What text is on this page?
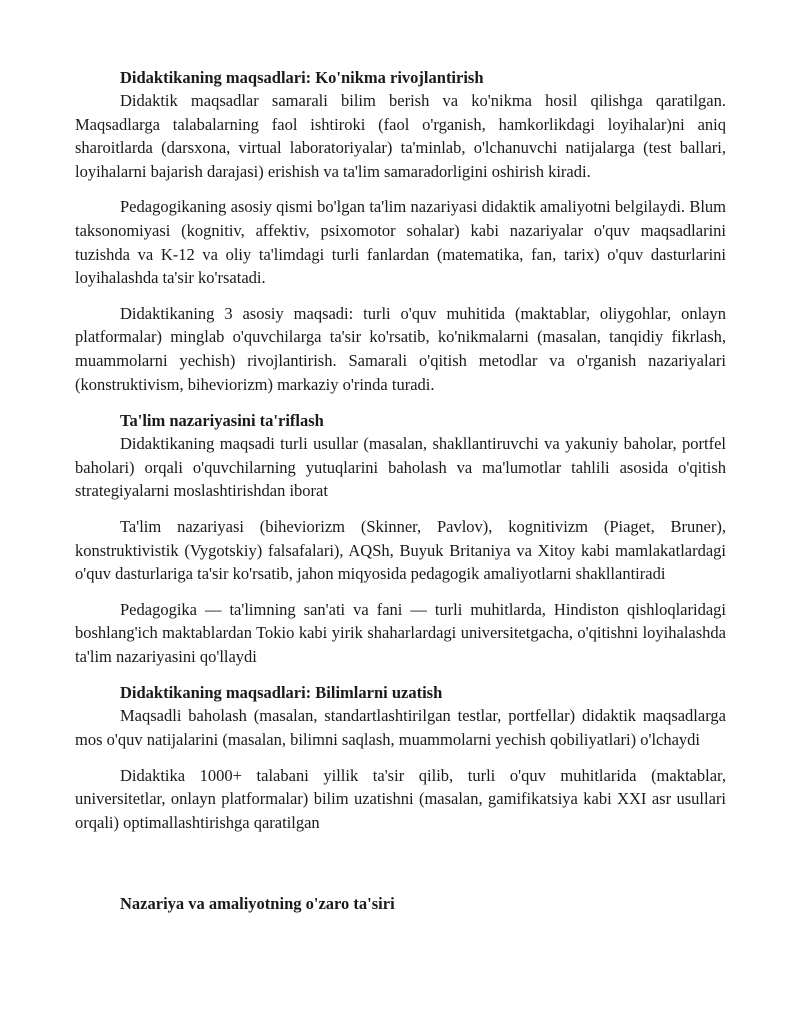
Didaktikaning maqsadlari: Ko'nikma rivojlantirish

Didaktik maqsadlar samarali bilim berish va ko'nikma hosil qilishga qaratilgan. Maqsadlarga talabalarning faol ishtiroki (faol o'rganish, hamkorlikdagi loyihalar)ni aniq sharoitlarda (darsxona, virtual laboratoriyalar) ta'minlab, o'lchanuvchi natijalarga (test ballari, loyihalarni bajarish darajasi) erishish va ta'lim samaradorligini oshirish kiradi.

Pedagogikaning asosiy qismi bo'lgan ta'lim nazariyasi didaktik amaliyotni belgilaydi. Blum taksonomiyasi (kognitiv, affektiv, psixomotor sohalar) kabi nazariyalar o'quv maqsadlarini tuzishda va K-12 va oliy ta'limdagi turli fanlardan (matematika, fan, tarix) o'quv dasturlarini loyihalashda ta'sir ko'rsatadi.

Didaktikaning 3 asosiy maqsadi: turli o'quv muhitida (maktablar, oliygohlar, onlayn platformalar) minglab o'quvchilarga ta'sir ko'rsatib, ko'nikmalarni (masalan, tanqidiy fikrlash, muammolarni yechish) rivojlantirish. Samarali o'qitish metodlar va o'rganish nazariyalari (konstruktivism, biheviorizm) markaziy o'rinda turadi.

Ta'lim nazariyasini ta'riflash

Didaktikaning maqsadi turli usullar (masalan, shakllantiruvchi va yakuniy baholar, portfel baholari) orqali o'quvchilarning yutuqlarini baholash va ma'lumotlar tahlili asosida o'qitish strategiyalarni moslashtirishdan iborat

Ta'lim nazariyasi (biheviorizm (Skinner, Pavlov), kognitivizm (Piaget, Bruner), konstruktivistik (Vygotskiy) falsafalari), AQSh, Buyuk Britaniya va Xitoy kabi mamlakatlardagi o'quv dasturlariga ta'sir ko'rsatib, jahon miqyosida pedagogik amaliyotlarni shakllantiradi

Pedagogika — ta'limning san'ati va fani — turli muhitlarda, Hindiston qishloqlaridagi boshlang'ich maktablardan Tokio kabi yirik shaharlardagi universitetgacha, o'qitishni loyihalashda ta'lim nazariyasini qo'llaydi

Didaktikaning maqsadlari: Bilimlarni uzatish

Maqsadli baholash (masalan, standartlashtirilgan testlar, portfellar) didaktik maqsadlarga mos o'quv natijalarini (masalan, bilimni saqlash, muammolarni yechish qobiliyatlari) o'lchaydi

Didaktika 1000+ talabani yillik ta'sir qilib, turli o'quv muhitlarida (maktablar, universitetlar, onlayn platformalar) bilim uzatishni (masalan, gamifikatsiya kabi XXI asr usullari orqali) optimallashtirishga qaratilgan

Nazariya va amaliyotning o'zaro ta'siri
